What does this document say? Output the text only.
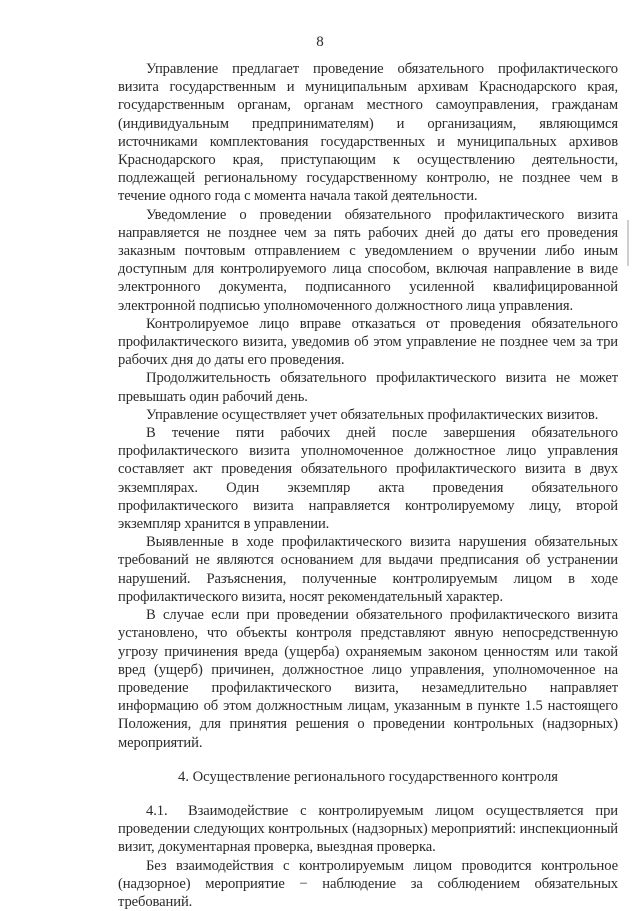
8

Управление предлагает проведение обязательного профилактического визита государственным и муниципальным архивам Краснодарского края, государственным органам, органам местного самоуправления, гражданам (индивидуальным предпринимателям) и организациям, являющимся источниками комплектования государственных и муниципальных архивов Краснодарского края, приступающим к осуществлению деятельности, подлежащей региональному государственному контролю, не позднее чем в течение одного года с момента начала такой деятельности.

Уведомление о проведении обязательного профилактического визита направляется не позднее чем за пять рабочих дней до даты его проведения заказным почтовым отправлением с уведомлением о вручении либо иным доступным для контролируемого лица способом, включая направление в виде электронного документа, подписанного усиленной квалифицированной электронной подписью уполномоченного должностного лица управления.

Контролируемое лицо вправе отказаться от проведения обязательного профилактического визита, уведомив об этом управление не позднее чем за три рабочих дня до даты его проведения.

Продолжительность обязательного профилактического визита не может превышать один рабочий день.

Управление осуществляет учет обязательных профилактических визитов.

В течение пяти рабочих дней после завершения обязательного профилактического визита уполномоченное должностное лицо управления составляет акт проведения обязательного профилактического визита в двух экземплярах. Один экземпляр акта проведения обязательного профилактического визита направляется контролируемому лицу, второй экземпляр хранится в управлении.

Выявленные в ходе профилактического визита нарушения обязательных требований не являются основанием для выдачи предписания об устранении нарушений. Разъяснения, полученные контролируемым лицом в ходе профилактического визита, носят рекомендательный характер.

В случае если при проведении обязательного профилактического визита установлено, что объекты контроля представляют явную непосредственную угрозу причинения вреда (ущерба) охраняемым законом ценностям или такой вред (ущерб) причинен, должностное лицо управления, уполномоченное на проведение профилактического визита, незамедлительно направляет информацию об этом должностным лицам, указанным в пункте 1.5 настоящего Положения, для принятия решения о проведении контрольных (надзорных) мероприятий.

4. Осуществление регионального государственного контроля

4.1. Взаимодействие с контролируемым лицом осуществляется при проведении следующих контрольных (надзорных) мероприятий: инспекционный визит, документарная проверка, выездная проверка.

Без взаимодействия с контролируемым лицом проводится контрольное (надзорное) мероприятие − наблюдение за соблюдением обязательных требований.
